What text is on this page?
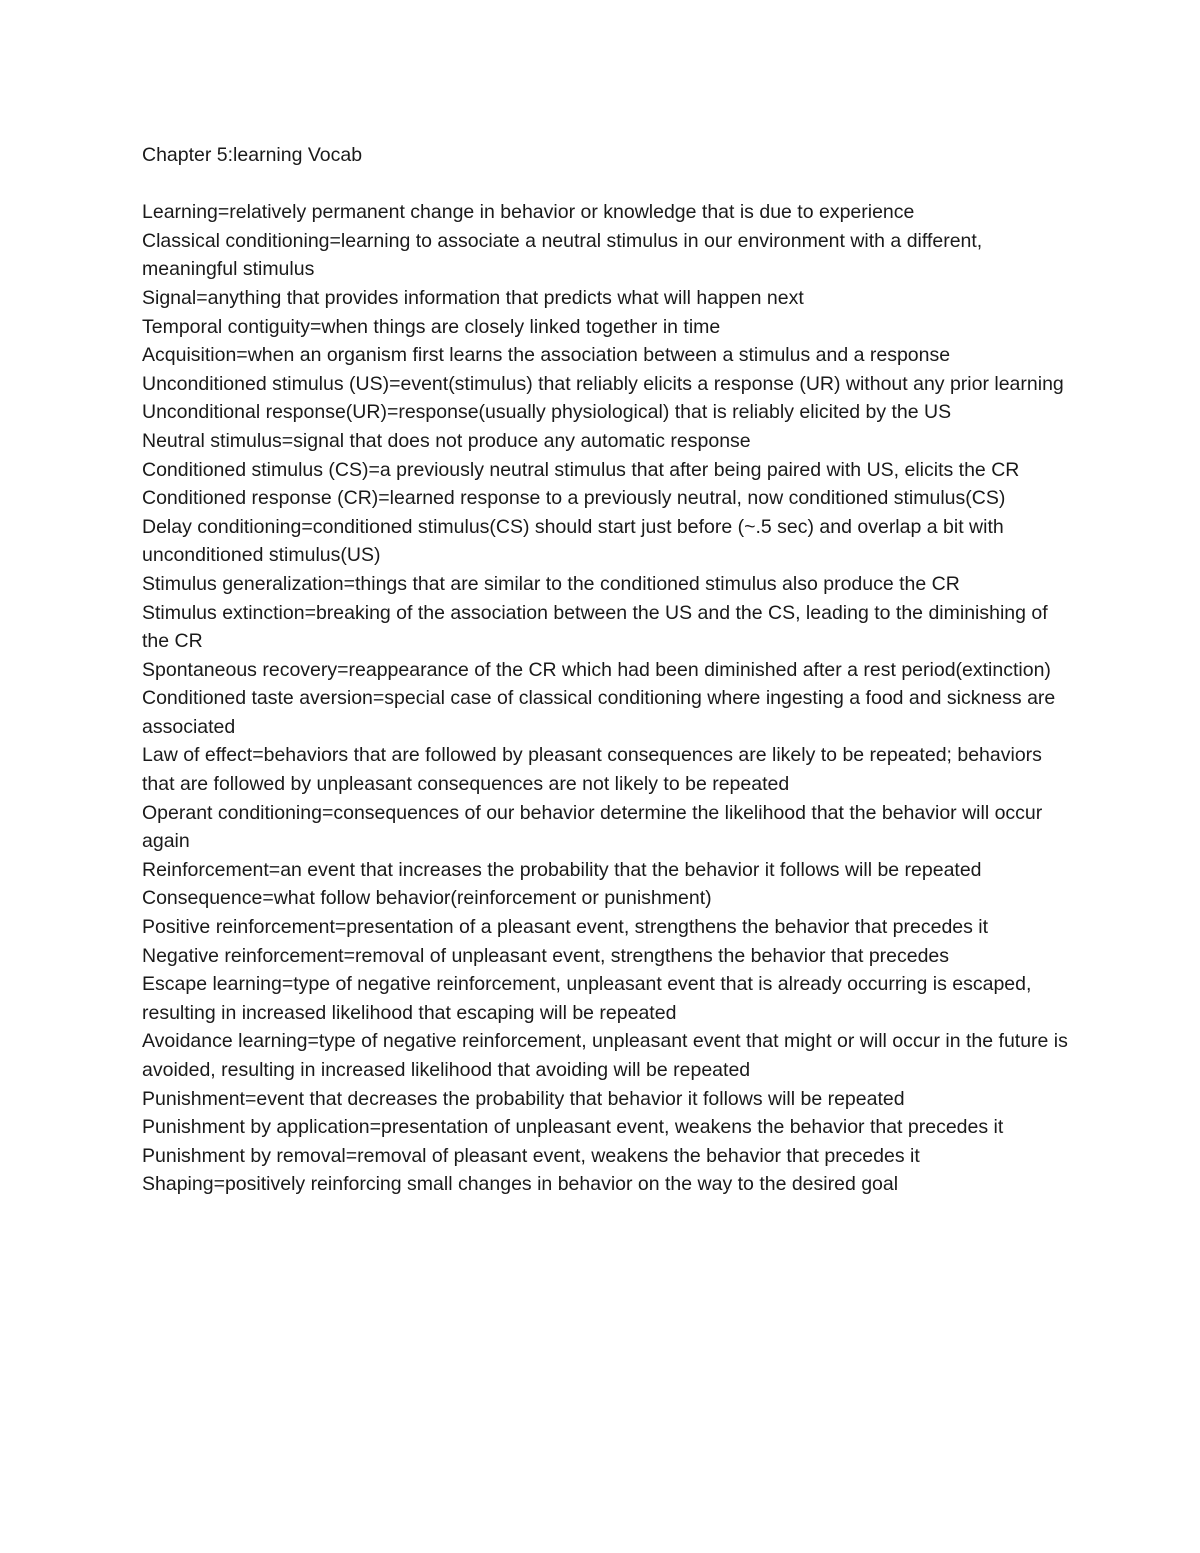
Chapter 5:learning Vocab
Learning=relatively permanent change in behavior or knowledge that is due to experience
Classical conditioning=learning to associate a neutral stimulus in our environment with a different, meaningful stimulus
Signal=anything that provides information that predicts what will happen next
Temporal contiguity=when things are closely linked together in time
Acquisition=when an organism first learns the association between a stimulus and a response
Unconditioned stimulus (US)=event(stimulus) that reliably elicits a response (UR) without any prior learning
Unconditional response(UR)=response(usually physiological) that is reliably elicited by the US
Neutral stimulus=signal that does not produce any automatic response
Conditioned stimulus (CS)=a previously neutral stimulus that after being paired with US, elicits the CR
Conditioned response (CR)=learned response to a previously neutral, now conditioned stimulus(CS)
Delay conditioning=conditioned stimulus(CS) should start just before (~.5 sec) and overlap a bit with unconditioned stimulus(US)
Stimulus generalization=things that are similar to the conditioned stimulus also produce the CR
Stimulus extinction=breaking of the association between the US and the CS, leading to the diminishing of the CR
Spontaneous recovery=reappearance of the CR which had been diminished after a rest period(extinction)
Conditioned taste aversion=special case of classical conditioning where ingesting a food and sickness are associated
Law of effect=behaviors that are followed by pleasant consequences are likely to be repeated; behaviors that are followed by unpleasant consequences are not likely to be repeated
Operant conditioning=consequences of our behavior determine the likelihood that the behavior will occur again
Reinforcement=an event that increases the probability that the behavior it follows will be repeated
Consequence=what follow behavior(reinforcement or punishment)
Positive reinforcement=presentation of a pleasant event, strengthens the behavior that precedes it
Negative reinforcement=removal of unpleasant event, strengthens the behavior that precedes
Escape learning=type of negative reinforcement, unpleasant event that is already occurring is escaped, resulting in increased likelihood that escaping will be repeated
Avoidance learning=type of negative reinforcement, unpleasant event that might or will occur in the future is avoided, resulting in increased likelihood that avoiding will be repeated
Punishment=event that decreases the probability that behavior it follows will be repeated
Punishment by application=presentation of unpleasant event, weakens the behavior that precedes it
Punishment by removal=removal of pleasant event, weakens the behavior that precedes it
Shaping=positively reinforcing small changes in behavior on the way to the desired goal
